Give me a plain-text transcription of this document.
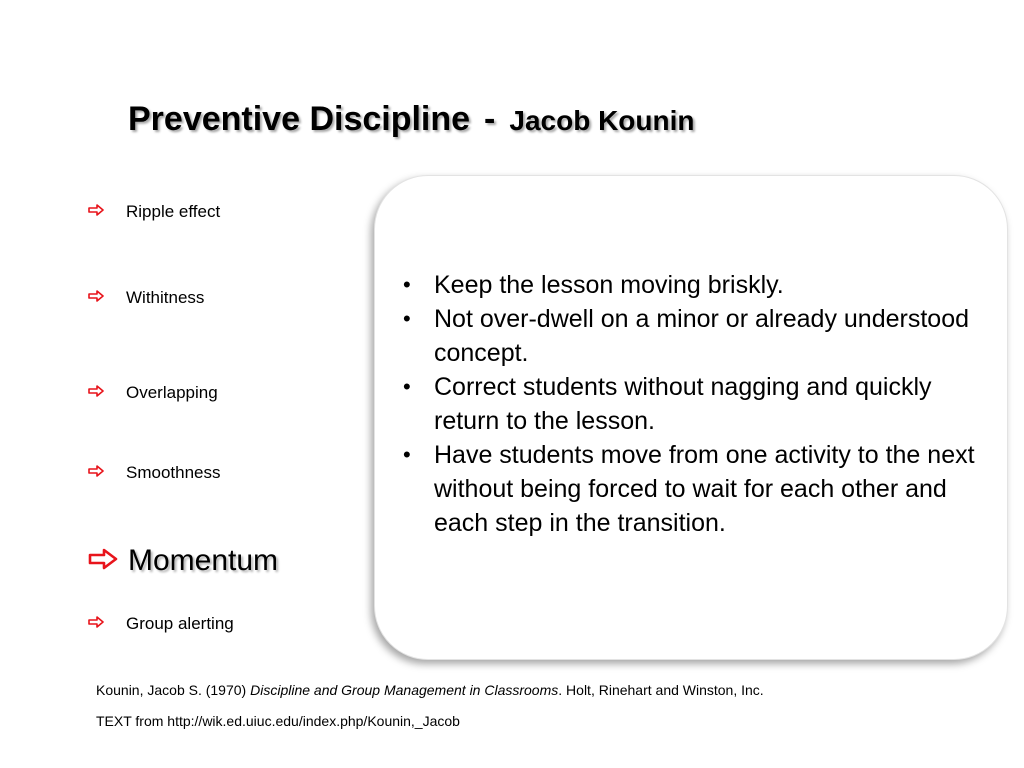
Preventive Discipline - Jacob Kounin
Ripple effect
Withitness
Overlapping
Smoothness
Momentum
Group alerting
• Keep the lesson moving briskly.
• Not over-dwell on a minor or already understood concept.
• Correct students without nagging and quickly return to the lesson.
• Have students move from one activity to the next without being forced to wait for each other and each step in the transition.
Kounin, Jacob S. (1970) Discipline and Group Management in Classrooms. Holt, Rinehart and Winston, Inc.
TEXT from http://wik.ed.uiuc.edu/index.php/Kounin,_Jacob
